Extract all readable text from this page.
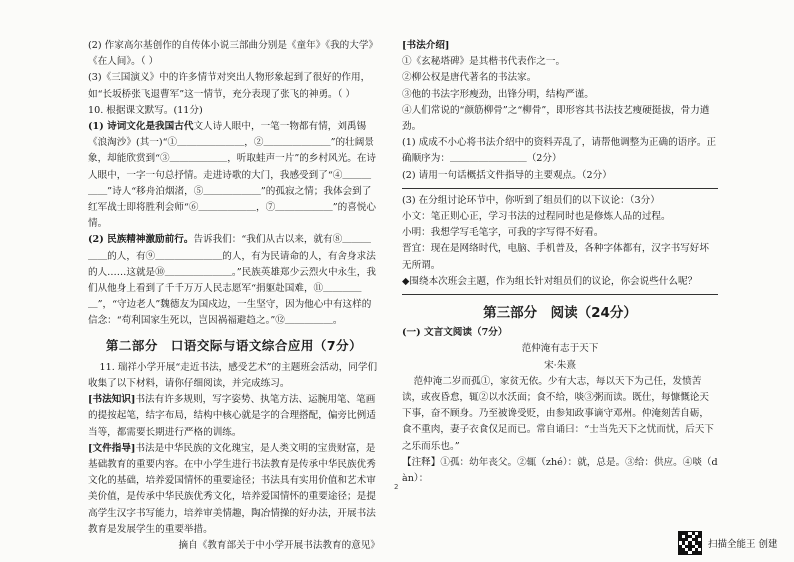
(2) 作家高尔基创作的自传体小说三部曲分别是《童年》《我的大学》《在人间》。（ ）

(3)《三国演义》中的许多情节对突出人物形象起到了很好的作用，如“长坂桥张飞退曹军”这一情节，充分表现了张飞的神勇。（ ）

10. 根据课文默写。(11分)

(1) 诗词文化是我国古代文人诗人眼中，一笔一物都有情，刘禹锡《浪淘沙》(其一)“①＿＿＿＿＿＿＿，②＿＿＿＿＿＿＿”的壮阔景象，却能欣赏到“③＿＿＿＿＿＿，听取蛙声一片”的乡村风光。在诗人眼中，一字一句总抒情。走进诗歌的大门，我感受到了“④＿＿＿＿＿”诗人“移舟泊烟渚，⑤＿＿＿＿＿＿”的孤寂之情；我体会到了红军战士即将胜利会师“⑥＿＿＿＿＿＿，⑦＿＿＿＿＿＿”的喜悦心情。

(2) 民族精神激励前行。告诉我们：“我们从古以来，就有⑧＿＿＿＿＿的人，有⑨＿＿＿＿＿＿＿的人，有为民请命的人，有舍身求法的人……这就是⑩＿＿＿＿＿＿＿。”民族英雄郑少云烈火中永生，我们从他身上看到了千千万万人民志愿军“捐躯赴国难，⑪＿＿＿＿＿”，“守边老人”魏德友为国戍边，一生坚守，因为他心中有这样的信念：“苟利国家生死以，岂因祸福避趋之。”⑫＿＿＿＿＿。

第二部分　口语交际与语文综合应用（7分）

11. 瑞祥小学开展“走近书法，感受艺术”的主题班会活动，同学们收集了以下材料，请你仔细阅读，并完成练习。

[书法知识]书法有许多规则，写字姿势、执笔方法、运腕用笔、笔画的提按起笔，结字布局，结构中核心就是字的合理搭配，偏旁比例适当等，都需要长期进行严格的训练。

[文件指导]书法是中华民族的文化瑰宝，是人类文明的宝贵财富，是基础教育的重要内容。在中小学生进行书法教育是传承中华民族优秀文化的基础，培养爱国情怀的重要途径；书法具有实用价值和艺术审美价值，是传承中华民族优秀文化，培养爱国情怀的重要途径；是提高学生汉字书写能力，培养审美情趣，陶冶情操的好办法，开展书法教育是发展学生的重要举措。

摘自《教育部关于中小学开展书法教育的意见》

[书法介绍]

①《玄秘塔碑》是其楷书代表作之一。

②柳公权是唐代著名的书法家。

③他的书法字形瘦劲，出锋分明，结构严谨。

④人们常说的“颜筋柳骨”之“柳骨”，即形容其书法技艺瘦硬挺拔，骨力遒劲。

(1) 成成不小心将书法介绍中的资料弄乱了，请帮他调整为正确的语序。正确顺序为：＿＿＿＿＿＿＿＿（2分）

(2) 请用一句话概括文件指导的主要观点。（2分）

(3) 在分组讨论环节中，你听到了组员们的以下议论：（3分）

小文：笔正则心正，学习书法的过程同时也是修炼人品的过程。

小明：我想学写毛笔字，可我的字写得不好看。

晋宜：现在是网络时代，电脑、手机普及，各种字体都有，汉字书写好坏无所谓。

◆围绕本次班会主题，作为组长针对组员们的议论，你会说些什么呢？

第三部分　阅读（24分）

(一) 文言文阅读（7分）

范仲淹有志于天下

宋·朱熹

范仲淹二岁而孤①，家贫无依。少有大志，每以天下为己任，发愤苦读，或夜昏怠，辄②以水沃面；食不给，啖③粥而读。既仕，每慷慨论天下事，奋不顾身。乃至被谗受贬，由参知政事谪守邓州。仲淹刻苦自砺，食不重肉，妻子衣食仅足而已。常自诵曰：“士当先天下之忧而忧，后天下之乐而乐也。”

【注释】①孤：幼年丧父。②辄（zhé）：就，总是。③给：供应。④啖（dàn）：

2
扫描全能王 创建
